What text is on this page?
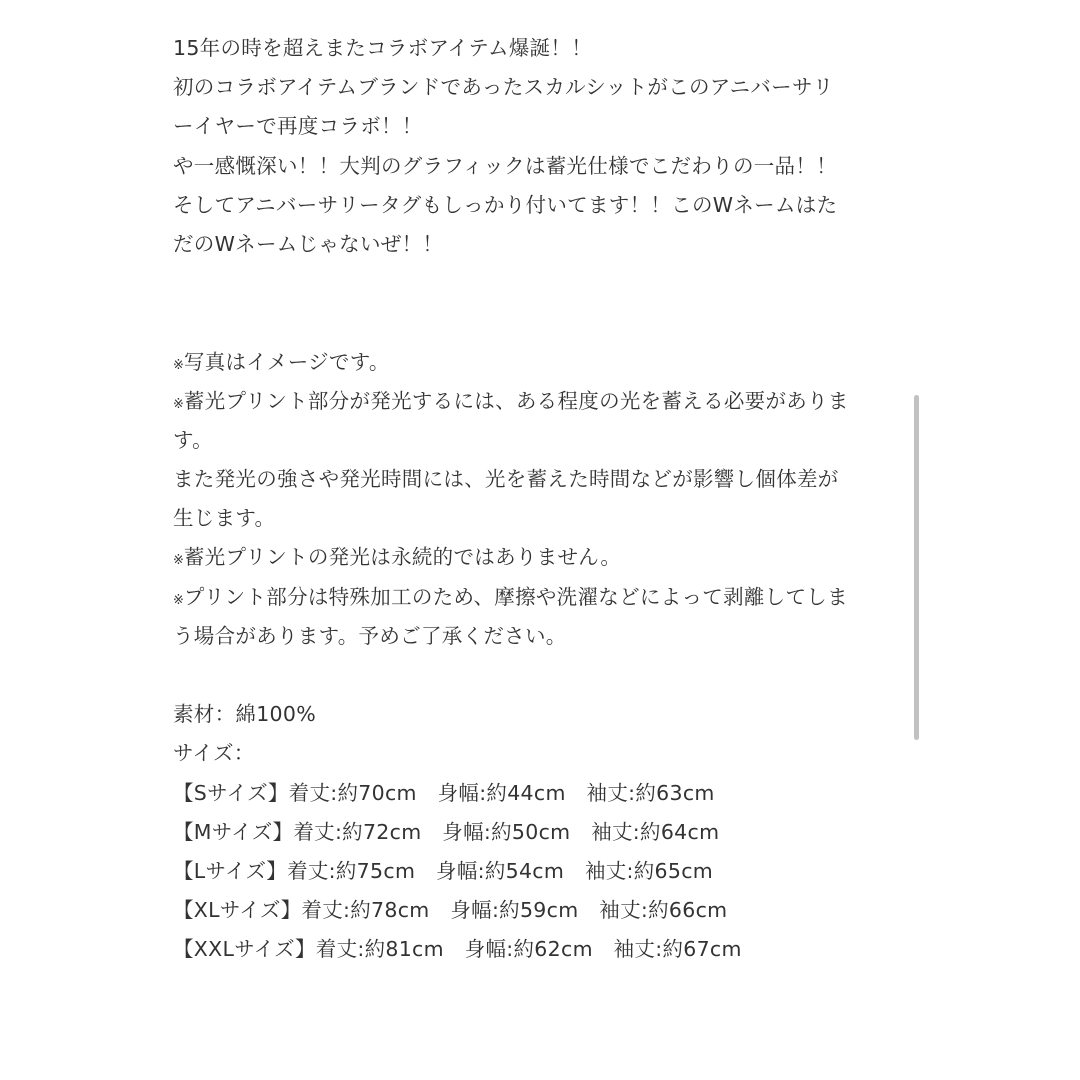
15年の時を超えまたコラボアイテム爆誕！！
初のコラボアイテムブランドであったスカルシットがこのアニバーサリ
ーイヤーで再度コラボ！！
や一感慨深い！！大判のグラフィックは蓄光仕様でこだわりの一品！！
そしてアニバーサリータグもしっかり付いてます！！このWネームはた
だのWネームじゃないぜ！！
※写真はイメージです。
※蓄光プリント部分が発光するには、ある程度の光を蓄える必要がありま
す。
また発光の強さや発光時間には、光を蓄えた時間などが影響し個体差が
生じます。
※蓄光プリントの発光は永続的ではありません。
※プリント部分は特殊加工のため、摩擦や洗濯などによって剥離してしま
う場合があります。予めご了承ください。
素材：綿100%
サイズ：
【Sサイズ】着丈:約70cm　身幅:約44cm　袖丈:約63cm
【Mサイズ】着丈:約72cm　身幅:約50cm　袖丈:約64cm
【Lサイズ】着丈:約75cm　身幅:約54cm　袖丈:約65cm
【XLサイズ】着丈:約78cm　身幅:約59cm　袖丈:約66cm
【XXLサイズ】着丈:約81cm　身幅:約62cm　袖丈:約67cm
